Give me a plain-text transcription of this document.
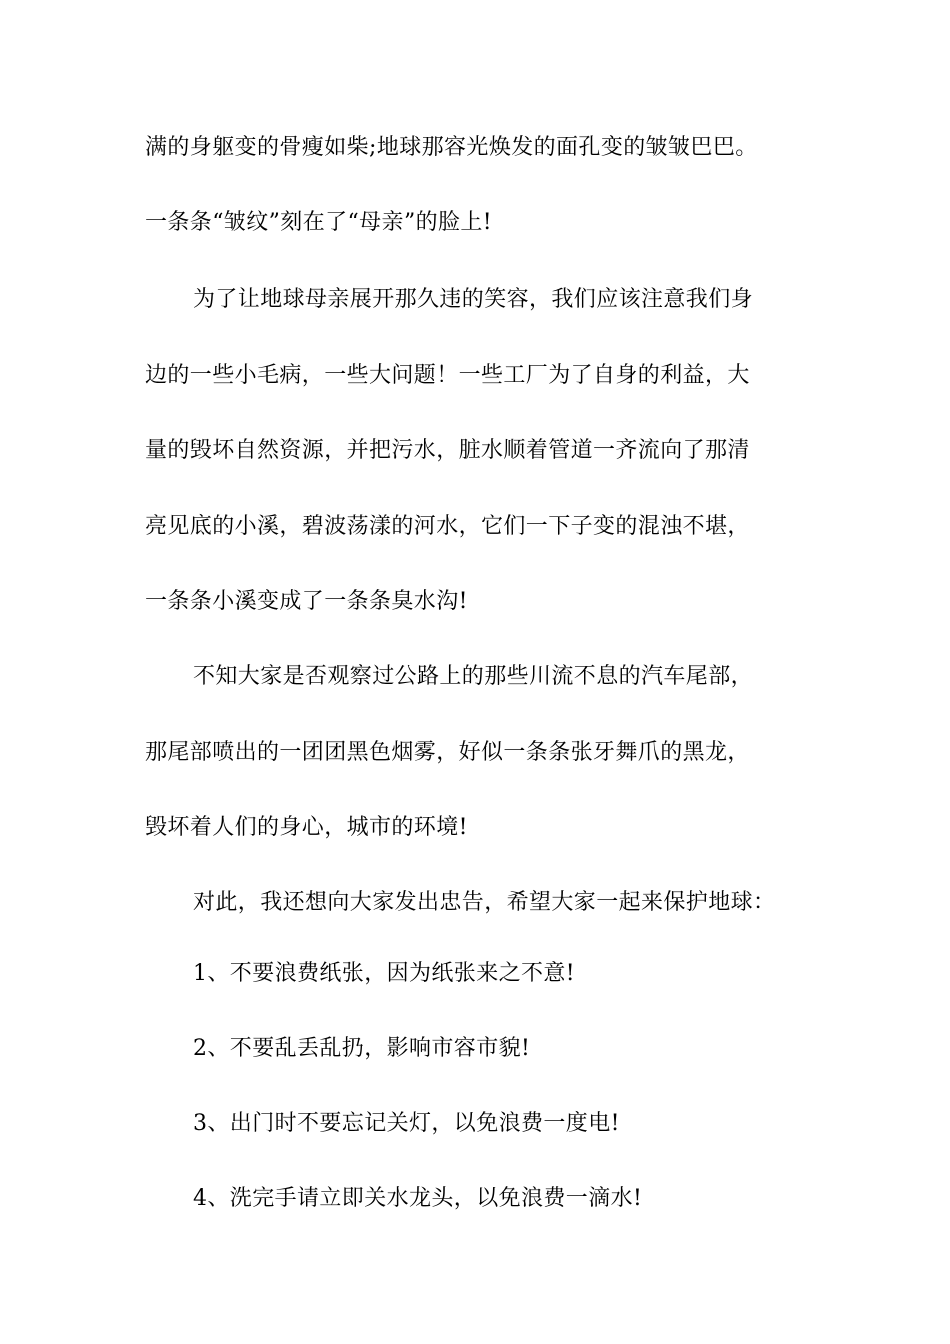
满的身躯变的骨瘦如柴;地球那容光焕发的面孔变的皱皱巴巴。

一条条“皱纹”刻在了“母亲”的脸上!

为了让地球母亲展开那久违的笑容，我们应该注意我们身

边的一些小毛病，一些大问题！一些工厂为了自身的利益，大

量的毁坏自然资源，并把污水，脏水顺着管道一齐流向了那清

亮见底的小溪，碧波荡漾的河水，它们一下子变的混浊不堪，

一条条小溪变成了一条条臭水沟!

不知大家是否观察过公路上的那些川流不息的汽车尾部，

那尾部喷出的一团团黑色烟雾，好似一条条张牙舞爪的黑龙，

毁坏着人们的身心，城市的环境!

对此，我还想向大家发出忠告，希望大家一起来保护地球：

1、不要浪费纸张，因为纸张来之不意!

2、不要乱丢乱扔，影响市容市貌!

3、出门时不要忘记关灯，以免浪费一度电!

4、洗完手请立即关水龙头，以免浪费一滴水!
